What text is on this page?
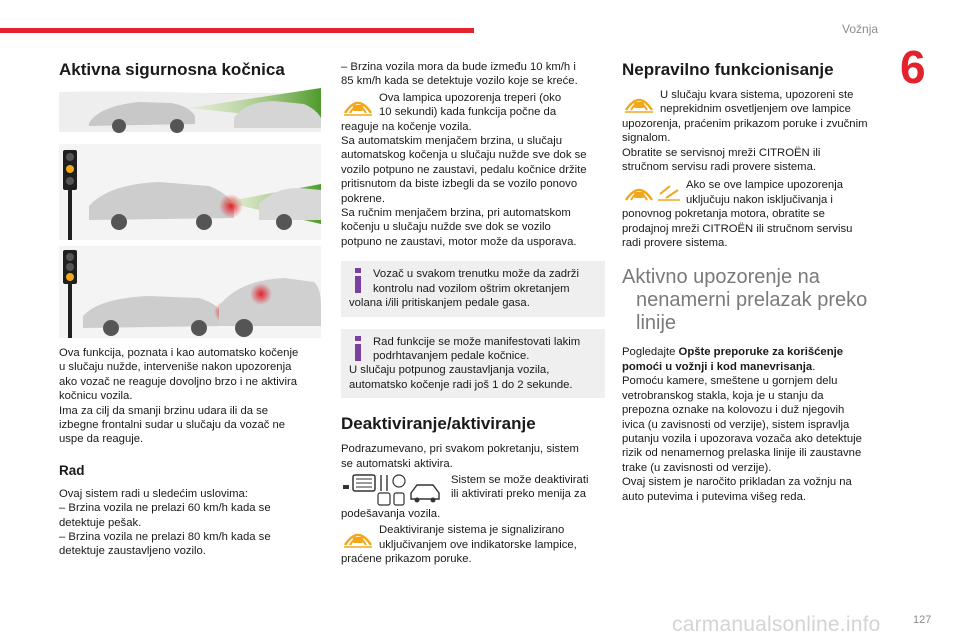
Vožnja
6
Aktivna sigurnosna kočnica
Ova funkcija, poznata i kao automatsko kočenje
u slučaju nužde, interveniše nakon upozorenja
ako vozač ne reaguje dovoljno brzo i ne aktivira
kočnicu vozila.
Ima za cilj da smanji brzinu udara ili da se
izbegne frontalni sudar u slučaju da vozač ne
uspe da reaguje.
Rad
Ovaj sistem radi u sledećim uslovima:
– Brzina vozila ne prelazi 60 km/h kada se
detektuje pešak.
– Brzina vozila ne prelazi 80 km/h kada se
detektuje zaustavljeno vozilo.
– Brzina vozila mora da bude između 10 km/h i
85 km/h kada se detektuje vozilo koje se kreće.
Ova lampica upozorenja treperi (oko
10 sekundi) kada funkcija počne da
reaguje na kočenje vozila.
Sa automatskim menjačem brzina, u slučaju
automatskog kočenja u slučaju nužde sve dok se
vozilo potpuno ne zaustavi, pedalu kočnice držite
pritisnutom da biste izbegli da se vozilo ponovo
pokrene.
Sa ručnim menjačem brzina, pri automatskom
kočenju u slučaju nužde sve dok se vozilo
potpuno ne zaustavi, motor može da usporava.
Vozač u svakom trenutku može da zadrži
kontrolu nad vozilom oštrim okretanjem
volana i/ili pritiskanjem pedale gasa.
Rad funkcije se može manifestovati lakim
podrhtavanjem pedale kočnice.
U slučaju potpunog zaustavljanja vozila,
automatsko kočenje radi još 1 do 2 sekunde.
Deaktiviranje/aktiviranje
Podrazumevano, pri svakom pokretanju, sistem
se automatski aktivira.
Sistem se može deaktivirati
ili aktivirati preko menija za
podešavanja vozila.
Deaktiviranje sistema je signalizirano
uključivanjem ove indikatorske lampice,
praćene prikazom poruke.
Nepravilno funkcionisanje
U slučaju kvara sistema, upozoreni ste
neprekidnim osvetljenjem ove lampice
upozorenja, praćenim prikazom poruke i zvučnim
signalom.
Obratite se servisnoj mreži CITROËN ili
stručnom servisu radi provere sistema.
Ako se ove lampice upozorenja
uključuju nakon isključivanja i
ponovnog pokretanja motora, obratite se
prodajnoj mreži CITROËN ili stručnom servisu
radi provere sistema.
Aktivno upozorenje na
nenamerni prelazak preko
linije
Pogledajte Opšte preporuke za korišćenje
pomoći u vožnji i kod manevrisanja.
Pomoću kamere, smeštene u gornjem delu
vetrobranskog stakla, koja je u stanju da
prepozna oznake na kolovozu i duž njegovih
ivica (u zavisnosti od verzije), sistem ispravlja
putanju vozila i upozorava vozača ako detektuje
rizik od nenamernog prelaska linije ili zaustavne
trake (u zavisnosti od verzije).
Ovaj sistem je naročito prikladan za vožnju na
auto putevima i putevima višeg reda.
carmanualsonline.info	127
